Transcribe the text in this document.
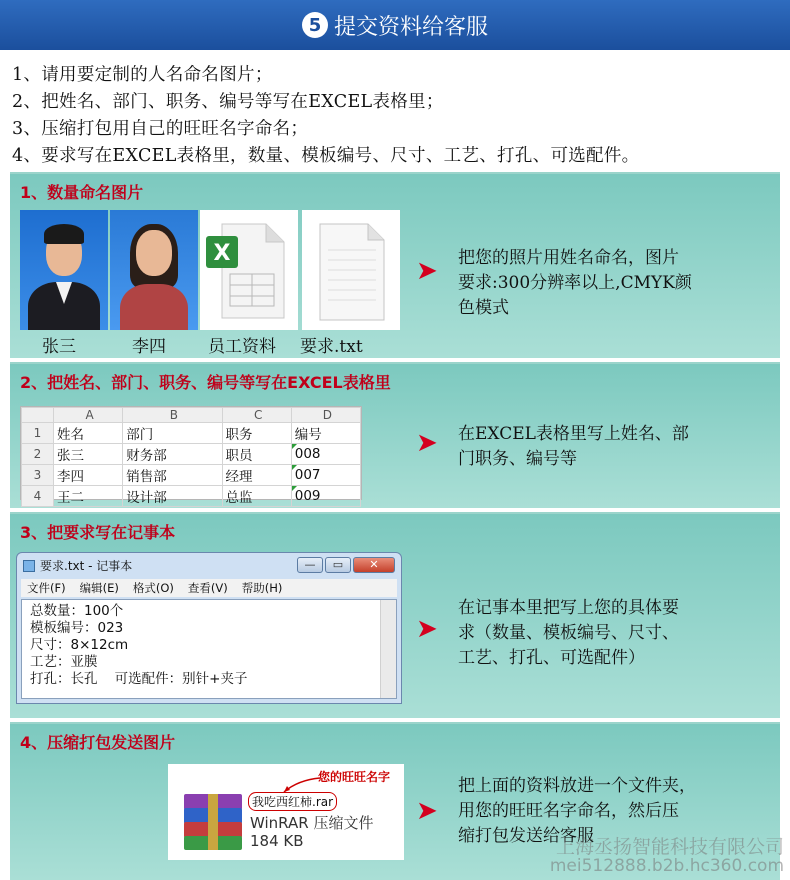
5 提交资料给客服
1、请用要定制的人名命名图片；
2、把姓名、部门、职务、编号等写在EXCEL表格里；
3、压缩打包用自己的旺旺名字命名；
4、要求写在EXCEL表格里，数量、模板编号、尺寸、工艺、打孔、可选配件。
1、数量命名图片
X
张三	李四 员工资料 要求.txt
➤ 把您的照片用姓名命名，图片
要求:300分辨率以上,CMYK颜
色模式
2、把姓名、部门、职务、编号等写在EXCEL表格里
	A	B	C	D
1	姓名	部门	职务	编号
2	张三	财务部	职员	008
3	李四	销售部	经理	007
4	王二	设计部	总监	009
➤ 在EXCEL表格里写上姓名、部
门职务、编号等
3、把要求写在记事本
要求.txt - 记事本	—	▭	✕
文件(F) 编辑(E) 格式(O) 查看(V) 帮助(H)
总数量：100个
模板编号：023
尺寸：8×12cm
工艺：亚膜
打孔：长孔    可选配件：别针+夹子
➤
在记事本里把写上您的具体要
求（数量、模板编号、尺寸、
工艺、打孔、可选配件）
4、压缩打包发送图片
您的旺旺名字
我吃西红柿.rar
WinRAR 压缩文件
184 KB
➤
把上面的资料放进一个文件夹，
用您的旺旺名字命名，然后压
缩打包发送给客服
上海丞扬智能科技有限公司
mei512888.b2b.hc360.com
